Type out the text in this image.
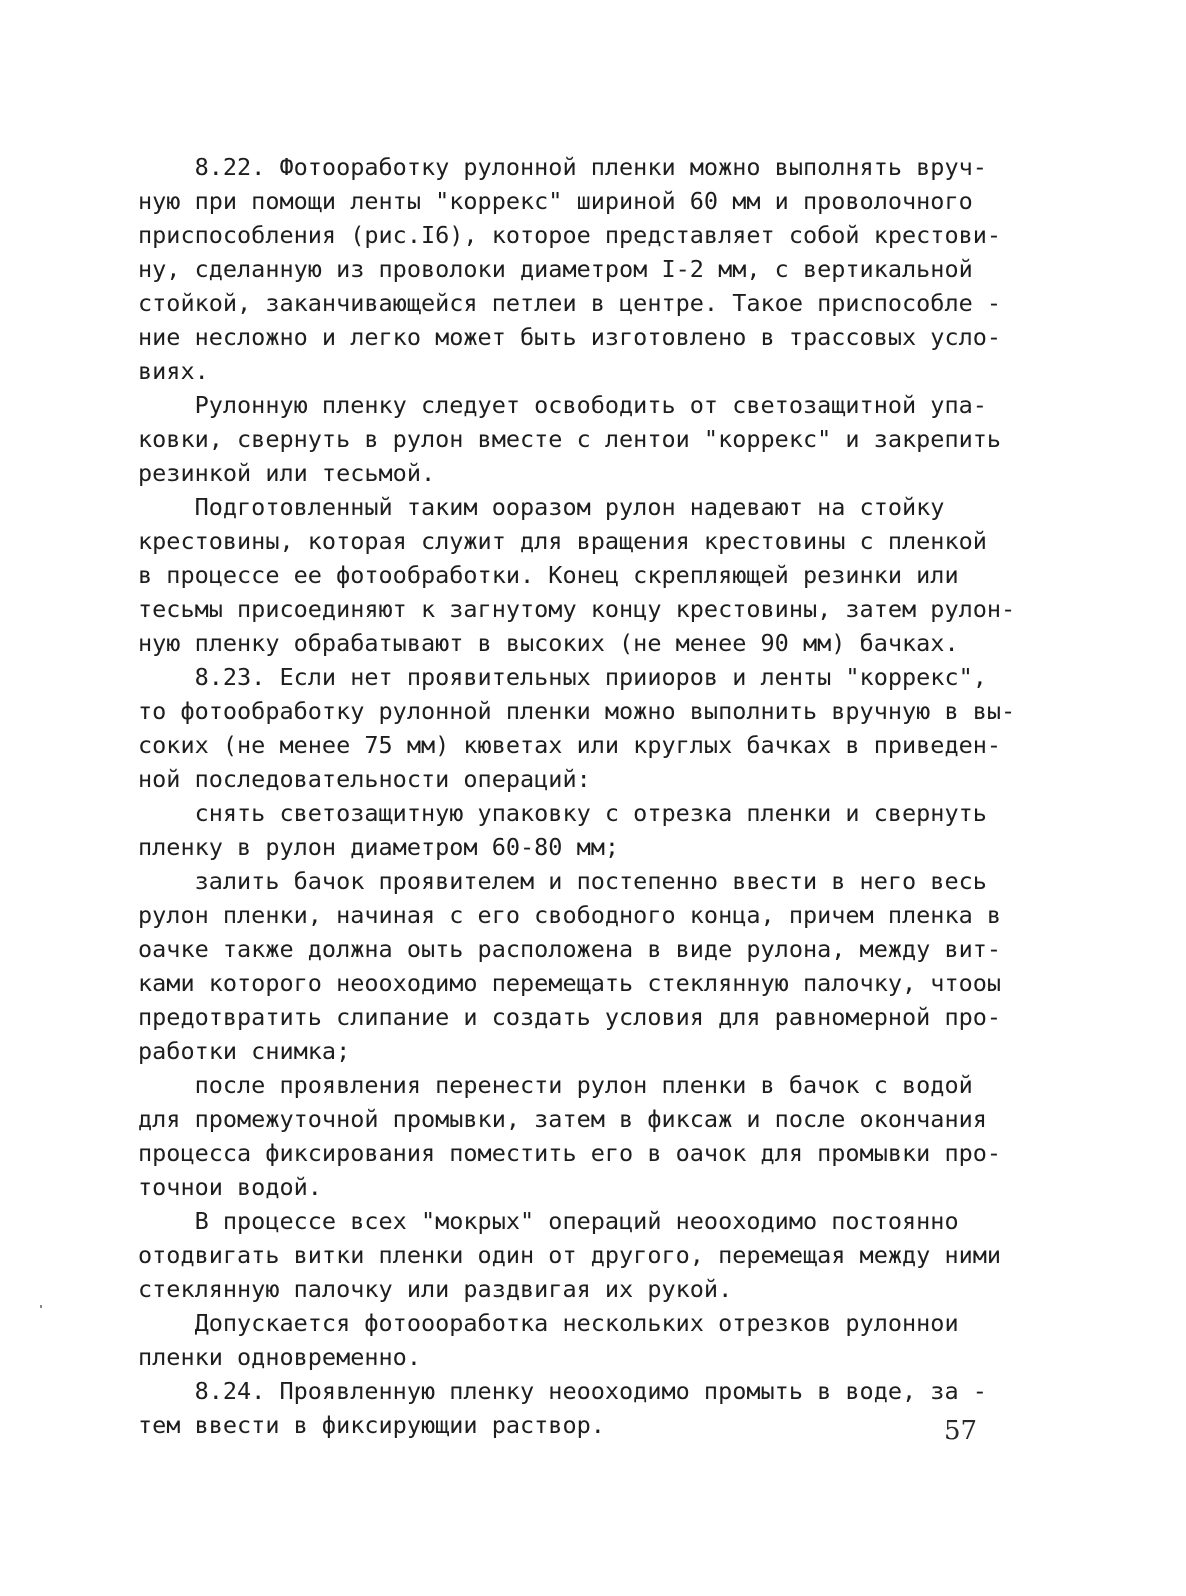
8.22. Фотоoработку рулонной пленки можно выполнять вруч-
ную при помощи ленты "коррекс" шириной 60 мм и проволочного
приспособления (рис.I6), которое представляет собой крестови-
ну, сделанную из проволоки диаметром I-2 мм, с вертикальной
стойкой, заканчивающейся петлеи в центре. Такое приспособле -
ние несложно и легко может быть изготовлено в трассовых усло-
виях.
Рулонную пленку следует освободить от светозащитной упа-
ковки, свернуть в рулон вместе с лентои "коррекс" и закрепить
резинкой или тесьмой.
Подготовленный таким ооразом рулон надевают на стойку
крестовины, которая служит для вращения крестовины с пленкой
в процессе ее фотообработки. Конец скрепляющей резинки или
тесьмы присоединяют к загнутому концу крестовины, затем рулон-
ную пленку обрабатывают в высоких (не менее 90 мм) бачках.
8.23. Если нет проявительных прииоров и ленты "коррекс",
то фотообработку рулонной пленки можно выполнить вручную в вы-
соких (не менее 75 мм) кюветах или круглых бачках в приведен-
ной последовательности операций:
снять светозащитную упаковку с отрезка пленки и свернуть
пленку в рулон диаметром 60-80 мм;
залить бачок проявителем и постепенно ввести в него весь
рулон пленки, начиная с его свободного конца, причем пленка в
оачке также должна оыть расположена в виде рулона, между вит-
ками которого неооходимо перемещать стеклянную палочку, чтооы
предотвратить слипание и создать условия для равномерной про-
работки снимка;
после проявления перенести рулон пленки в бачок с водой
для промежуточной промывки, затем в фиксаж и после окончания
процесса фиксирования поместить его в оачок для промывки про-
точнои водой.
В процессе всех "мокрых" операций неоохoдимо постоянно
отодвигать витки пленки один от другого, перемещая между ними
стеклянную палочку или раздвигая их рукой.
Допускается фотоооработка нескольких отрезков рулоннои
пленки одновременно.
8.24. Проявленную пленку неооходимо промыть в воде, за -
тем ввести в фиксирующии раствор.	57
